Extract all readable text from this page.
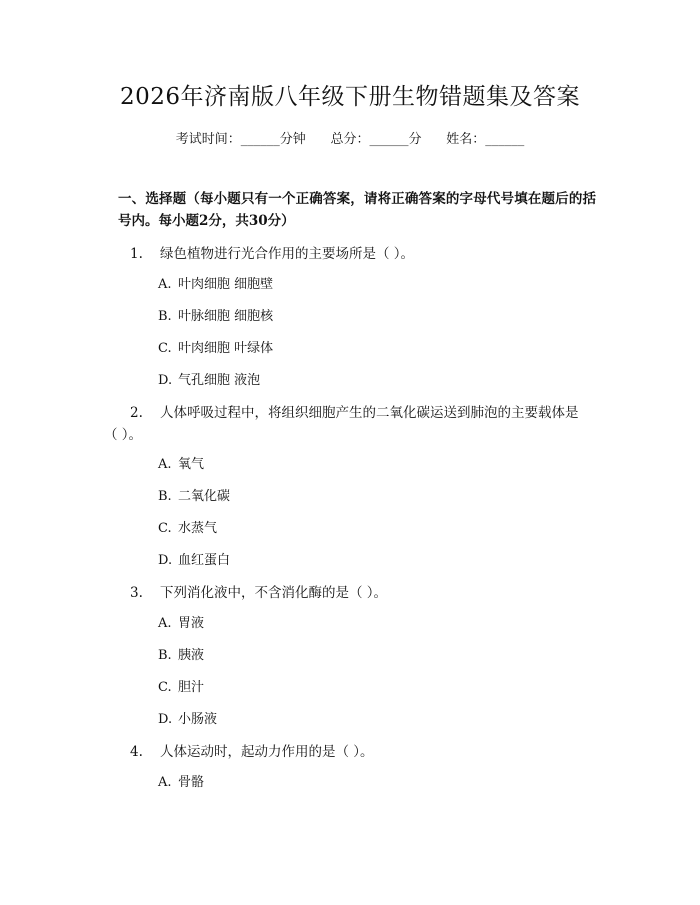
2026年济南版八年级下册生物错题集及答案
考试时间：______分钟      总分：______分      姓名：______
一、选择题（每小题只有一个正确答案，请将正确答案的字母代号填在题后的括号内。每小题2分，共30分）
1. 绿色植物进行光合作用的主要场所是（ ）。
A. 叶肉细胞 细胞壁
B. 叶脉细胞 细胞核
C. 叶肉细胞 叶绿体
D. 气孔细胞 液泡
2. 人体呼吸过程中，将组织细胞产生的二氧化碳运送到肺泡的主要载体是
（ ）。
A. 氧气
B. 二氧化碳
C. 水蒸气
D. 血红蛋白
3. 下列消化液中，不含消化酶的是（ ）。
A. 胃液
B. 胰液
C. 胆汁
D. 小肠液
4. 人体运动时，起动力作用的是（ ）。
A. 骨骼
